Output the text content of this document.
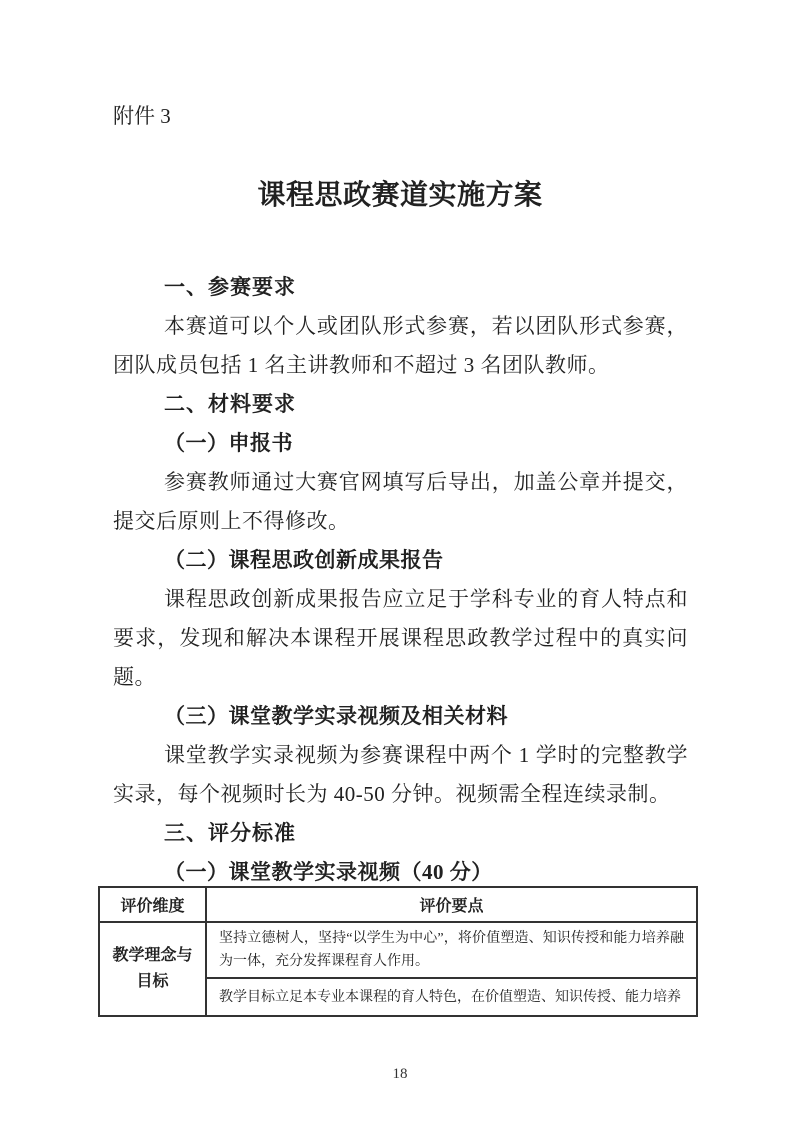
附件 3
课程思政赛道实施方案
一、参赛要求
本赛道可以个人或团队形式参赛，若以团队形式参赛，团队成员包括 1 名主讲教师和不超过 3 名团队教师。
二、材料要求
（一）申报书
参赛教师通过大赛官网填写后导出，加盖公章并提交，提交后原则上不得修改。
（二）课程思政创新成果报告
课程思政创新成果报告应立足于学科专业的育人特点和要求，发现和解决本课程开展课程思政教学过程中的真实问题。
（三）课堂教学实录视频及相关材料
课堂教学实录视频为参赛课程中两个 1 学时的完整教学实录，每个视频时长为 40-50 分钟。视频需全程连续录制。
三、评分标准
（一）课堂教学实录视频（40 分）
评价维度	评价要点
教学理念与目标	坚持立德树人，坚持“以学生为中心”，将价值塑造、知识传授和能力培养融为一体，充分发挥课程育人作用。
	教学目标立足本专业本课程的育人特色，在价值塑造、知识传授、能力培养
18
